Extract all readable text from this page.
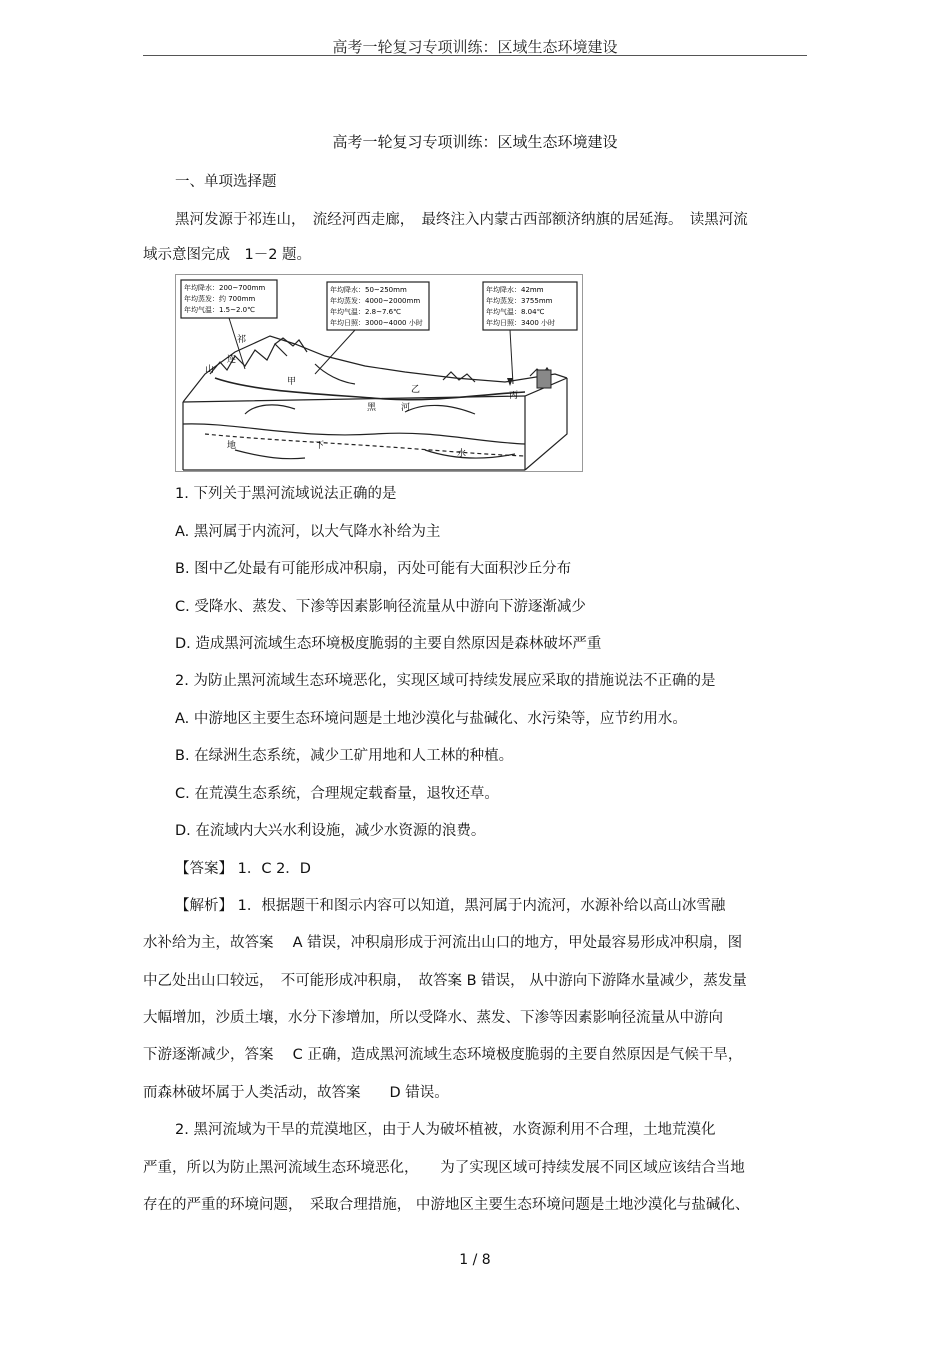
高考一轮复习专项训练：区域生态环境建设
高考一轮复习专项训练：区域生态环境建设
一、单项选择题
黑河发源于祁连山，　流经河西走廊，　最终注入内蒙古西部额济纳旗的居延海。　读黑河流
域示意图完成　1－2 题。
年均降水：200~700mm
年均蒸发：约 700mm
年均气温：1.5~2.0℃
年均降水：50~250mm
年均蒸发：4000~2000mm
年均气温：2.8~7.6℃
年均日照：3000~4000 小时
年均降水：42mm
年均蒸发：3755mm
年均气温：8.04℃
年均日照：3400 小时
祁
连
山
甲
乙
丙
黑	河
地	下
水
1. 下列关于黑河流域说法正确的是
A. 黑河属于内流河，以大气降水补给为主
B. 图中乙处最有可能形成冲积扇，丙处可能有大面积沙丘分布
C. 受降水、蒸发、下渗等因素影响径流量从中游向下游逐渐减少
D. 造成黑河流域生态环境极度脆弱的主要自然原因是森林破坏严重
2. 为防止黑河流域生态环境恶化，实现区域可持续发展应采取的措施说法不正确的是
A. 中游地区主要生态环境问题是土地沙漠化与盐碱化、水污染等，应节约用水。
B. 在绿洲生态系统，减少工矿用地和人工林的种植。
C. 在荒漠生态系统，合理规定载畜量，退牧还草。
D. 在流域内大兴水利设施，减少水资源的浪费。
【答案】 1．C 2．D
【解析】 1．根据题干和图示内容可以知道，黑河属于内流河，水源补给以高山冰雪融
水补给为主，故答案　 A 错误，冲积扇形成于河流出山口的地方，甲处最容易形成冲积扇，图
中乙处出山口较远，　不可能形成冲积扇，　故答案 B 错误， 从中游向下游降水量减少，蒸发量
大幅增加，沙质土壤，水分下渗增加，所以受降水、蒸发、下渗等因素影响径流量从中游向
下游逐渐减少，答案　 C 正确，造成黑河流域生态环境极度脆弱的主要自然原因是气候干旱，
而森林破坏属于人类活动，故答案　　D 错误。
2. 黑河流域为干旱的荒漠地区，由于人为破坏植被，水资源利用不合理，土地荒漠化
严重，所以为防止黑河流域生态环境恶化，　　为了实现区域可持续发展不同区域应该结合当地
存在的严重的环境问题，　采取合理措施， 中游地区主要生态环境问题是土地沙漠化与盐碱化、
1 / 8
